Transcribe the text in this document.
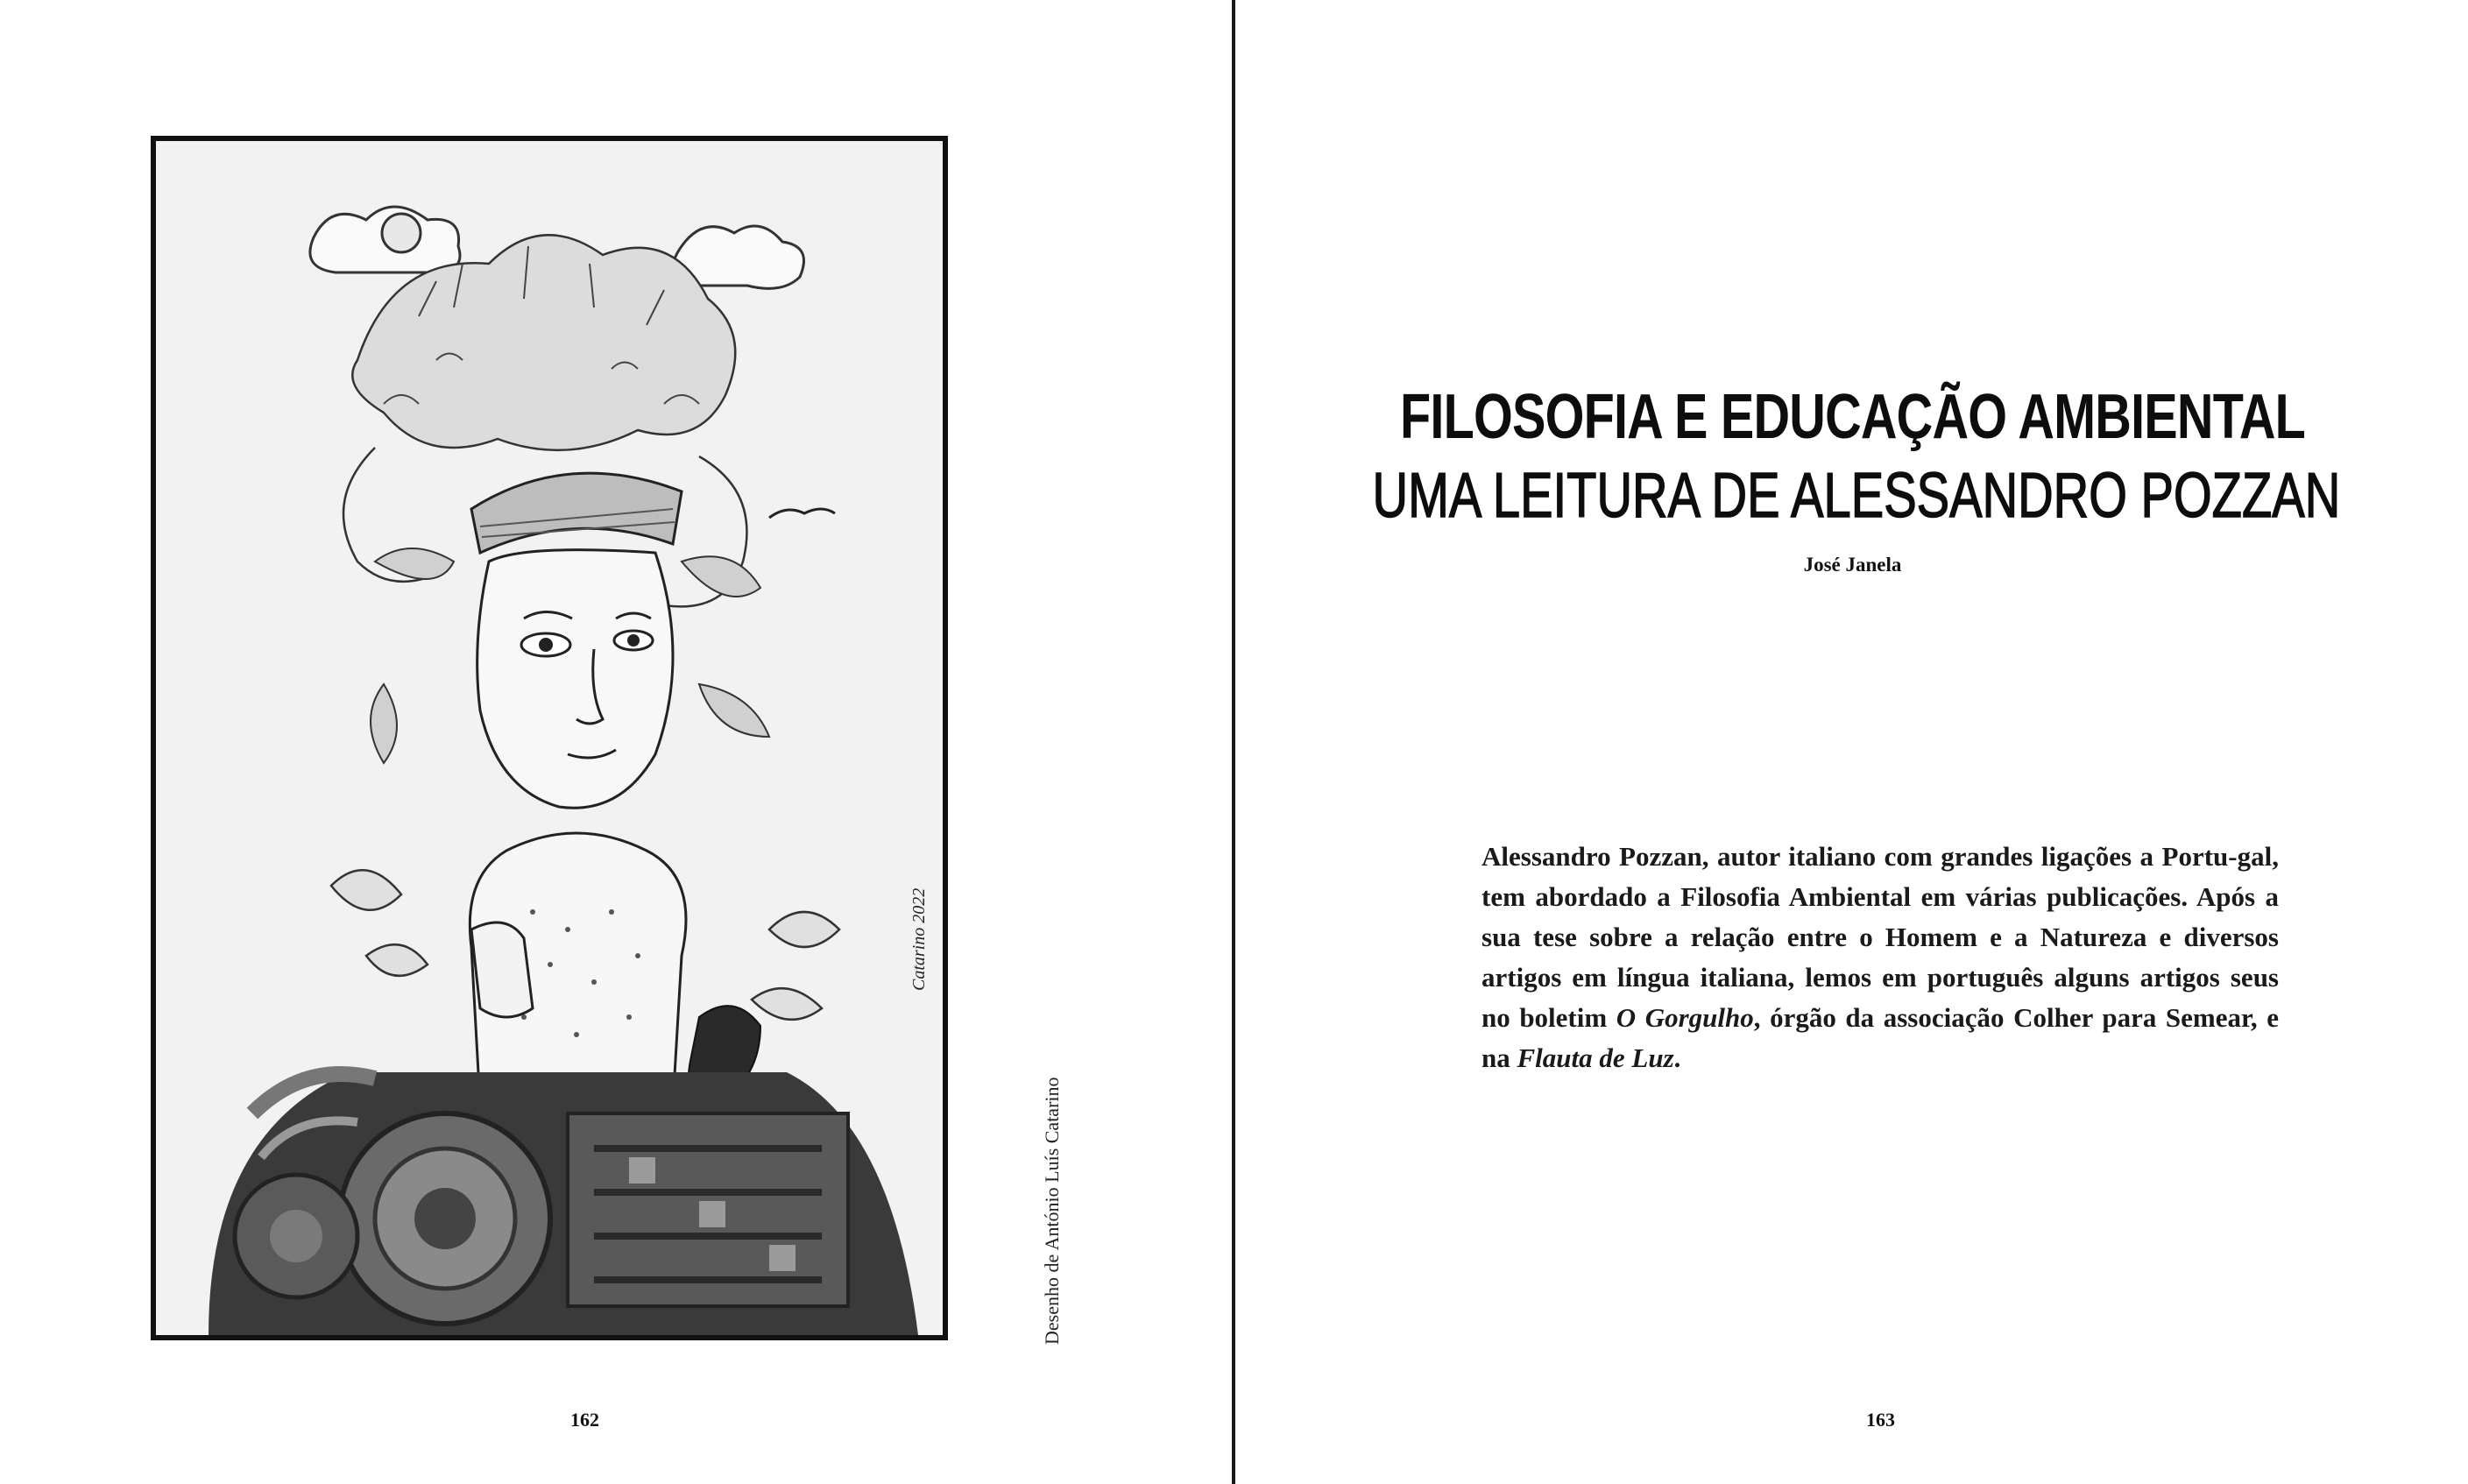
Catarino 2022
Desenho de António Luís Catarino
162
FILOSOFIA E EDUCAÇÃO AMBIENTAL
UMA LEITURA DE ALESSANDRO POZZAN
José Janela

Alessandro Pozzan, autor italiano com grandes ligações a Portu-gal, tem abordado a Filosofia Ambiental em várias publicações. Após a sua tese sobre a relação entre o Homem e a Natureza e diversos artigos em língua italiana, lemos em português alguns artigos seus no boletim O Gorgulho, órgão da associação Colher para Semear, e na Flauta de Luz.

163
